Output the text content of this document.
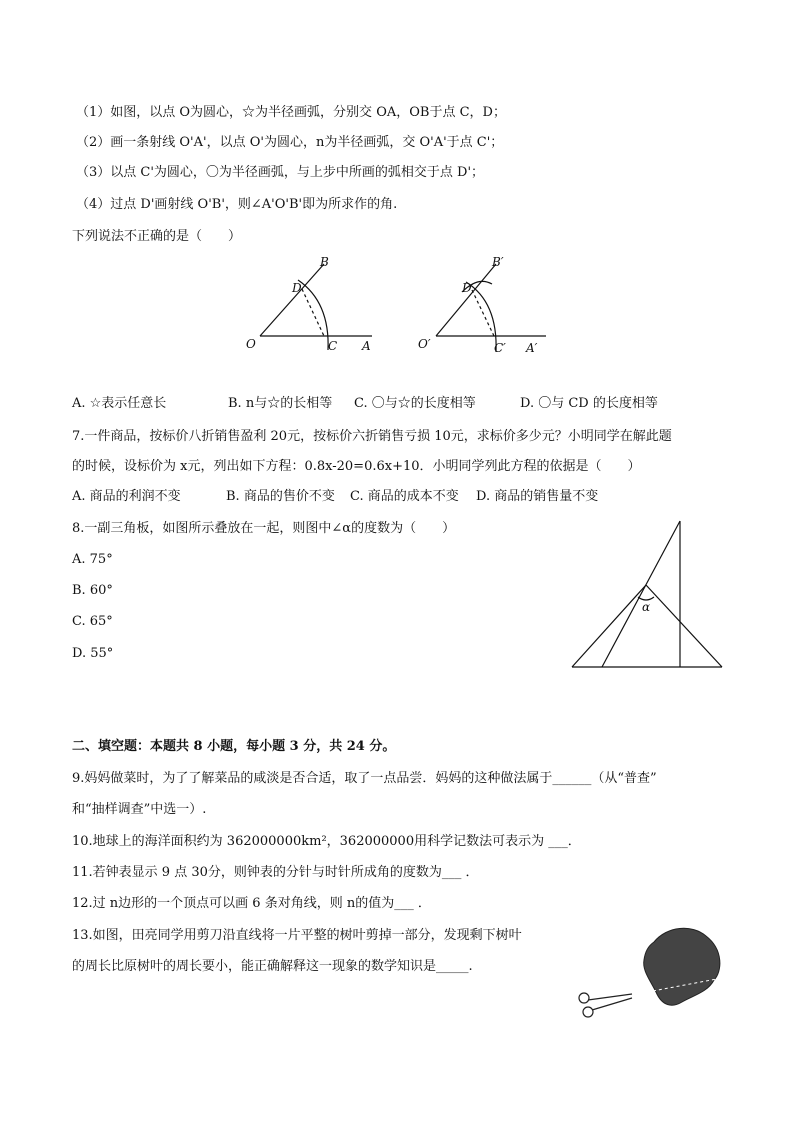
（1）如图，以点 O为圆心，☆为半径画弧，分别交 OA，OB于点 C，D；
（2）画一条射线 O'A'，以点 O'为圆心，n为半径画弧，交 O'A'于点 C'；
（3）以点 C'为圆心，〇为半径画弧，与上步中所画的弧相交于点 D'；
（4）过点 D'画射线 O'B'，则∠A'O'B'即为所求作的角.
下列说法不正确的是（　　）
O	A
B
C
D
O′	A′
B′
C′
D′
A. ☆表示任意长	B. n与☆的长相等 C. 〇与☆的长度相等	D. 〇与 CD 的长度相等
7.一件商品，按标价八折销售盈利 20元，按标价六折销售亏损 10元，求标价多少元？小明同学在解此题
的时候，设标价为 x元，列出如下方程：0.8x-20=0.6x+10．小明同学列此方程的依据是（　　）
A. 商品的利润不变	B. 商品的售价不变 C. 商品的成本不变 D. 商品的销售量不变
8.一副三角板，如图所示叠放在一起，则图中∠α的度数为（　　）
A. 75°
B. 60°
C. 65°
D. 55°
α
二、填空题：本题共 8 小题，每小题 3 分，共 24 分。
9.妈妈做菜时，为了了解菜品的咸淡是否合适，取了一点品尝．妈妈的这种做法属于______（从“普查”
和“抽样调查”中选一）.
10.地球上的海洋面积约为 362000000km²，362000000用科学记数法可表示为 ___．
11.若钟表显示 9 点 30分，则钟表的分针与时针所成角的度数为___ ．
12.过 n边形的一个顶点可以画 6 条对角线，则 n的值为___ ．
13.如图，田亮同学用剪刀沿直线将一片平整的树叶剪掉一部分，发现剩下树叶
的周长比原树叶的周长要小，能正确解释这一现象的数学知识是_____.
